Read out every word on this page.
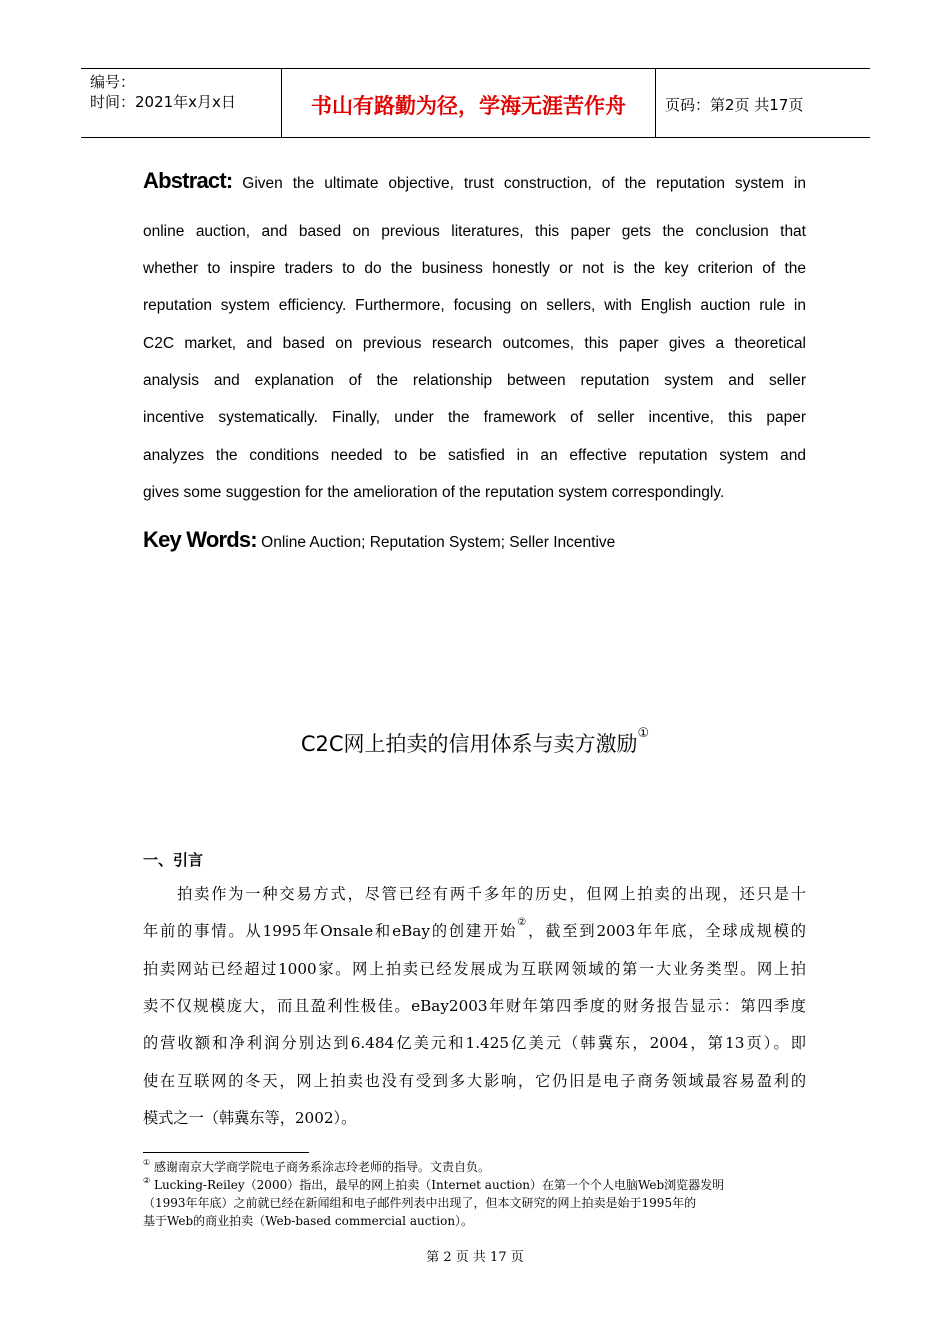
编号：
时间：2021年x月x日	书山有路勤为径，学海无涯苦作舟	页码：第2页 共17页
Abstract: Given the ultimate objective, trust construction, of the reputation system in
online auction, and based on previous literatures, this paper gets the conclusion that
whether to inspire traders to do the business honestly or not is the key criterion of the
reputation system efficiency. Furthermore, focusing on sellers, with English auction rule in
C2C market, and based on previous research outcomes, this paper gives a theoretical
analysis and explanation of the relationship between reputation system and seller
incentive systematically. Finally, under the framework of seller incentive, this paper
analyzes the conditions needed to be satisfied in an effective reputation system and
gives some suggestion for the amelioration of the reputation system correspondingly.
Key Words: Online Auction; Reputation System; Seller Incentive
C2C网上拍卖的信用体系与卖方激励①
一、引言
　　拍卖作为一种交易方式，尽管已经有两千多年的历史，但网上拍卖的出现，还只是十
年前的事情。从1995年Onsale和eBay的创建开始②，截至到2003年年底，全球成规模的
拍卖网站已经超过1000家。网上拍卖已经发展成为互联网领域的第一大业务类型。网上拍
卖不仅规模庞大，而且盈利性极佳。eBay2003年财年第四季度的财务报告显示：第四季度
的营收额和净利润分别达到6.484亿美元和1.425亿美元（韩冀东，2004，第13页）。即
使在互联网的冬天，网上拍卖也没有受到多大影响，它仍旧是电子商务领域最容易盈利的
模式之一（韩冀东等，2002）。
① 感谢南京大学商学院电子商务系涂志玲老师的指导。文责自负。
② Lucking-Reiley（2000）指出，最早的网上拍卖（Internet auction）在第一个个人电脑Web浏览器发明
（1993年年底）之前就已经在新闻组和电子邮件列表中出现了，但本文研究的网上拍卖是始于1995年的
基于Web的商业拍卖（Web-based commercial auction）。
第 2 页 共 17 页
